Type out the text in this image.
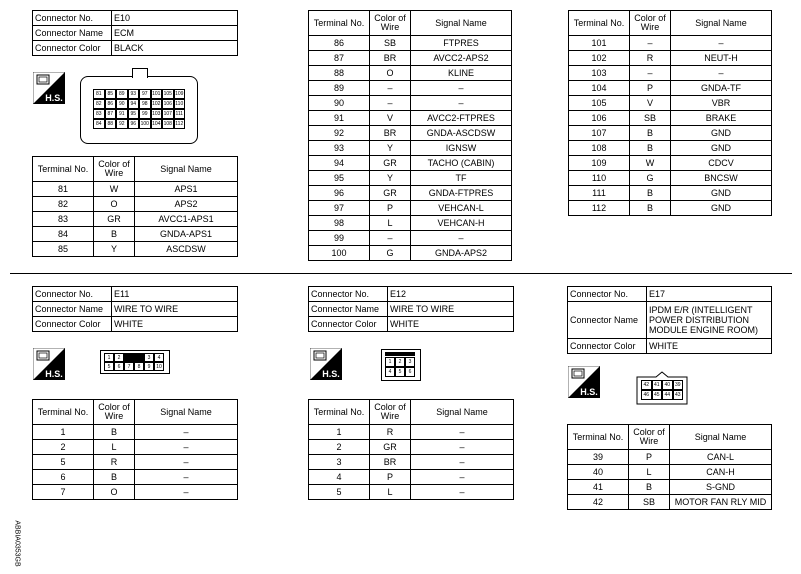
Connector No.	E10
Connector Name	ECM
Connector Color	BLACK
81	85	89	93	97 101 105 109
82	86	90	94	98 102 106 110
83	87	91	95	99 103 107 111
84	88	92	96 100 104 108 112
Terminal No.	Color of Wire	Signal Name
81	W	APS1
82	O	APS2
83	GR	AVCC1-APS1
84	B	GNDA-APS1
85	Y	ASCDSW
Terminal No.	Color of Wire	Signal Name
86	SB	FTPRES
87	BR	AVCC2-APS2
88	O	KLINE
89	–	–
90	–	–
91	V	AVCC2-FTPRES
92	BR	GNDA-ASCDSW
93	Y	IGNSW
94	GR	TACHO (CABIN)
95	Y	TF
96	GR	GNDA-FTPRES
97	P	VEHCAN-L
98	L	VEHCAN-H
99	–	–
100	G	GNDA-APS2
Terminal No.	Color of Wire	Signal Name
101	–	–
102	R	NEUT-H
103	–	–
104	P	GNDA-TF
105	V	VBR
106	SB	BRAKE
107	B	GND
108	B	GND
109	W	CDCV
110	G	BNCSW
111	B	GND
112	B	GND
Connector No.	E11
Connector Name	WIRE TO WIRE
Connector Color	WHITE
1	2	3	4
5	6	7	8	9	10
Terminal No.	Color of Wire	Signal Name
1	B	–
2	L	–
5	R	–
6	B	–
7	O	–
Connector No.	E12
Connector Name	WIRE TO WIRE
Connector Color	WHITE
1	2	3
4	5	6
Terminal No.	Color of Wire	Signal Name
1	R	–
2	GR	–
3	BR	–
4	P	–
5	L	–
Connector No.	E17
Connector Name	IPDM E/R (INTELLIGENT POWER DISTRIBUTION MODULE ENGINE ROOM)
Connector Color	WHITE
42 41 40 39
46 45 44 43
Terminal No.	Color of Wire	Signal Name
39	P	CAN-L
40	L	CAN-H
41	B	S-GND
42	SB	MOTOR FAN RLY MID
ABBIA0353GB
